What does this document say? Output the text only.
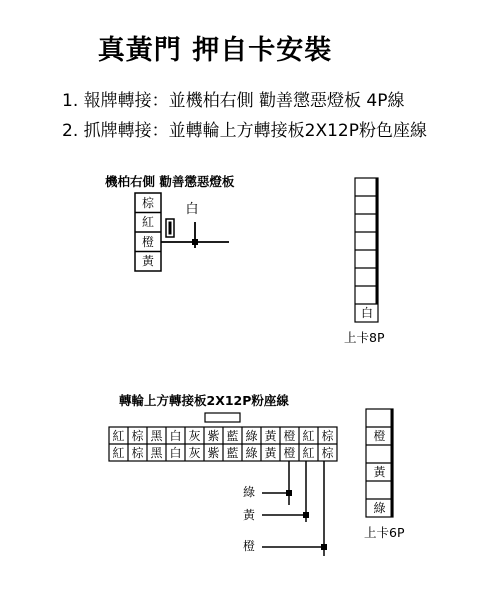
真黃門 押自卡安裝
1. 報牌轉接：並機柏右側 勸善懲惡燈板 4P線
2. 抓牌轉接：並轉輪上方轉接板2X12P粉色座線
機柏右側 勸善懲惡燈板
棕
紅
橙
黃
白
白
上卡8P
轉輪上方轉接板2X12P粉座線
紅 棕 黑 白 灰 紫 藍 綠 黃 橙 紅 棕
紅 棕 黑 白 灰 紫 藍 綠 黃 橙 紅 棕
綠
黃
橙
橙
黃
綠
上卡6P
